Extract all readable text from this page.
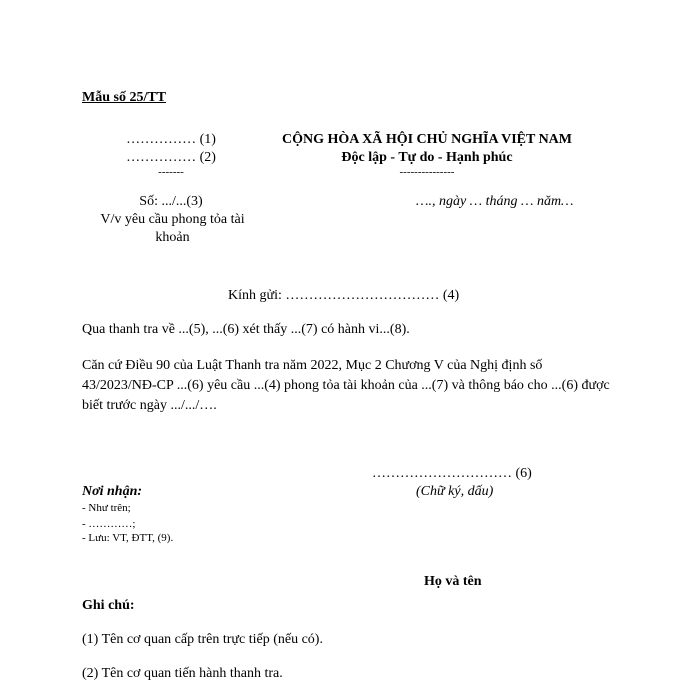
Mẫu số 25/TT
…………… (1)
…………… (2)
-------
Số: .../...(3)
V/v yêu cầu phong tỏa tài
khoản
CỘNG HÒA XÃ HỘI CHỦ NGHĨA VIỆT NAM
Độc lập - Tự do - Hạnh phúc
---------------
…., ngày … tháng … năm…
Kính gửi: …………………………… (4)
Qua thanh tra về ...(5), ...(6) xét thấy ...(7) có hành vi...(8).
Căn cứ Điều 90 của Luật Thanh tra năm 2022, Mục 2 Chương V của Nghị định số 43/2023/NĐ-CP ...(6) yêu cầu ...(4) phong tỏa tài khoản của ...(7) và thông báo cho ...(6) được biết trước ngày .../.../….
………………………… (6)
(Chữ ký, dấu)
Họ và tên
Nơi nhận:
- Như trên;
- …………;
- Lưu: VT, ĐTT, (9).
Ghi chú:
(1) Tên cơ quan cấp trên trực tiếp (nếu có).
(2) Tên cơ quan tiến hành thanh tra.
